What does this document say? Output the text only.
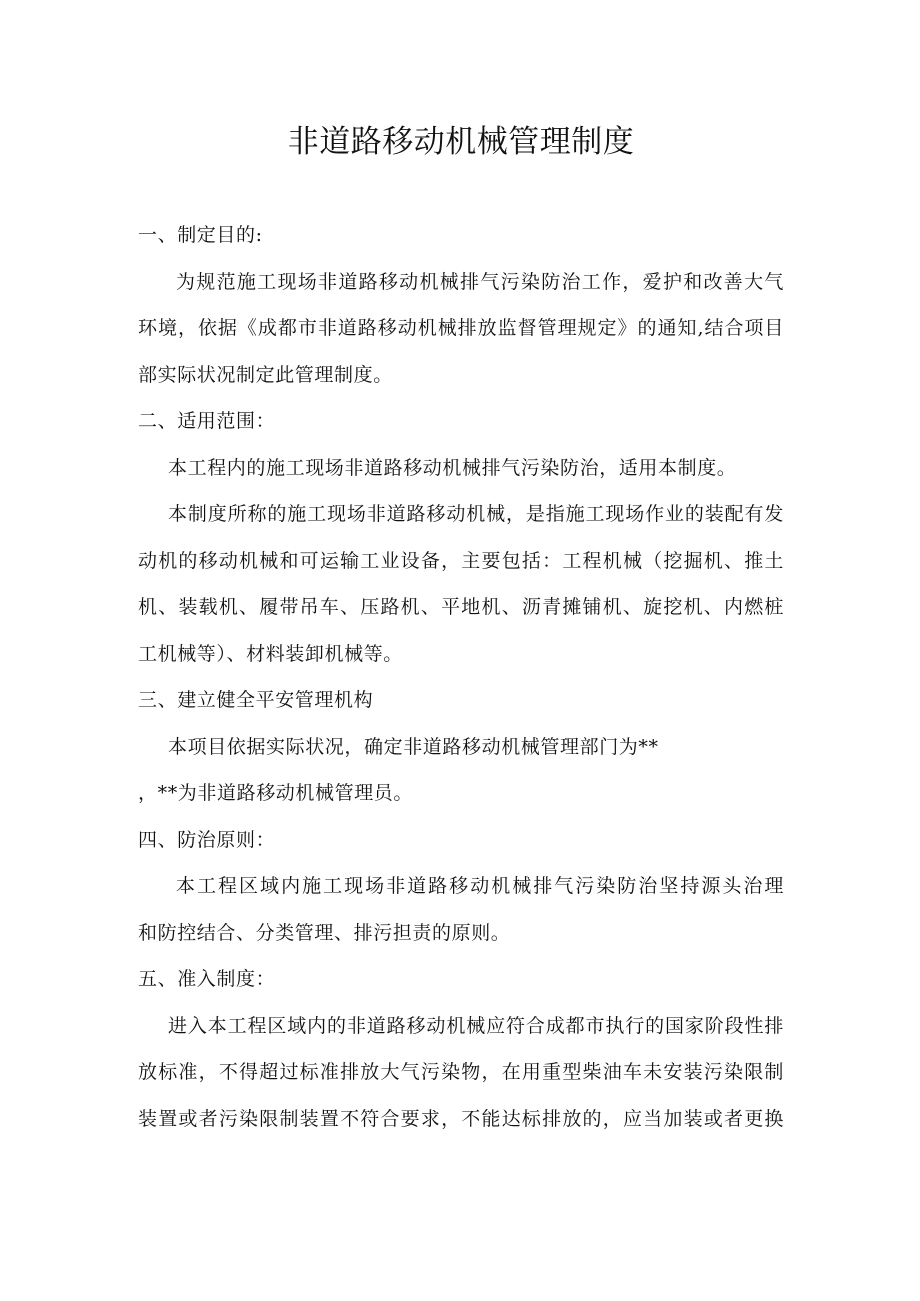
非道路移动机械管理制度
一、制定目的:
为规范施工现场非道路移动机械排气污染防治工作，爱护和改善大气
环境，依据《成都市非道路移动机械排放监督管理规定》的通知,结合项目
部实际状况制定此管理制度。
二、适用范围：
本工程内的施工现场非道路移动机械排气污染防治，适用本制度。
本制度所称的施工现场非道路移动机械，是指施工现场作业的装配有发
动机的移动机械和可运输工业设备，主要包括：工程机械（挖掘机、推土
机、装载机、履带吊车、压路机、平地机、沥青摊铺机、旋挖机、内燃桩
工机械等）、材料装卸机械等。
三、建立健全平安管理机构
本项目依据实际状况，确定非道路移动机械管理部门为**
，**为非道路移动机械管理员。
四、防治原则：
本工程区域内施工现场非道路移动机械排气污染防治坚持源头治理
和防控结合、分类管理、排污担责的原则。
五、准入制度：
进入本工程区域内的非道路移动机械应符合成都市执行的国家阶段性排
放标准，不得超过标准排放大气污染物，在用重型柴油车未安装污染限制
装置或者污染限制装置不符合要求，不能达标排放的，应当加装或者更换
